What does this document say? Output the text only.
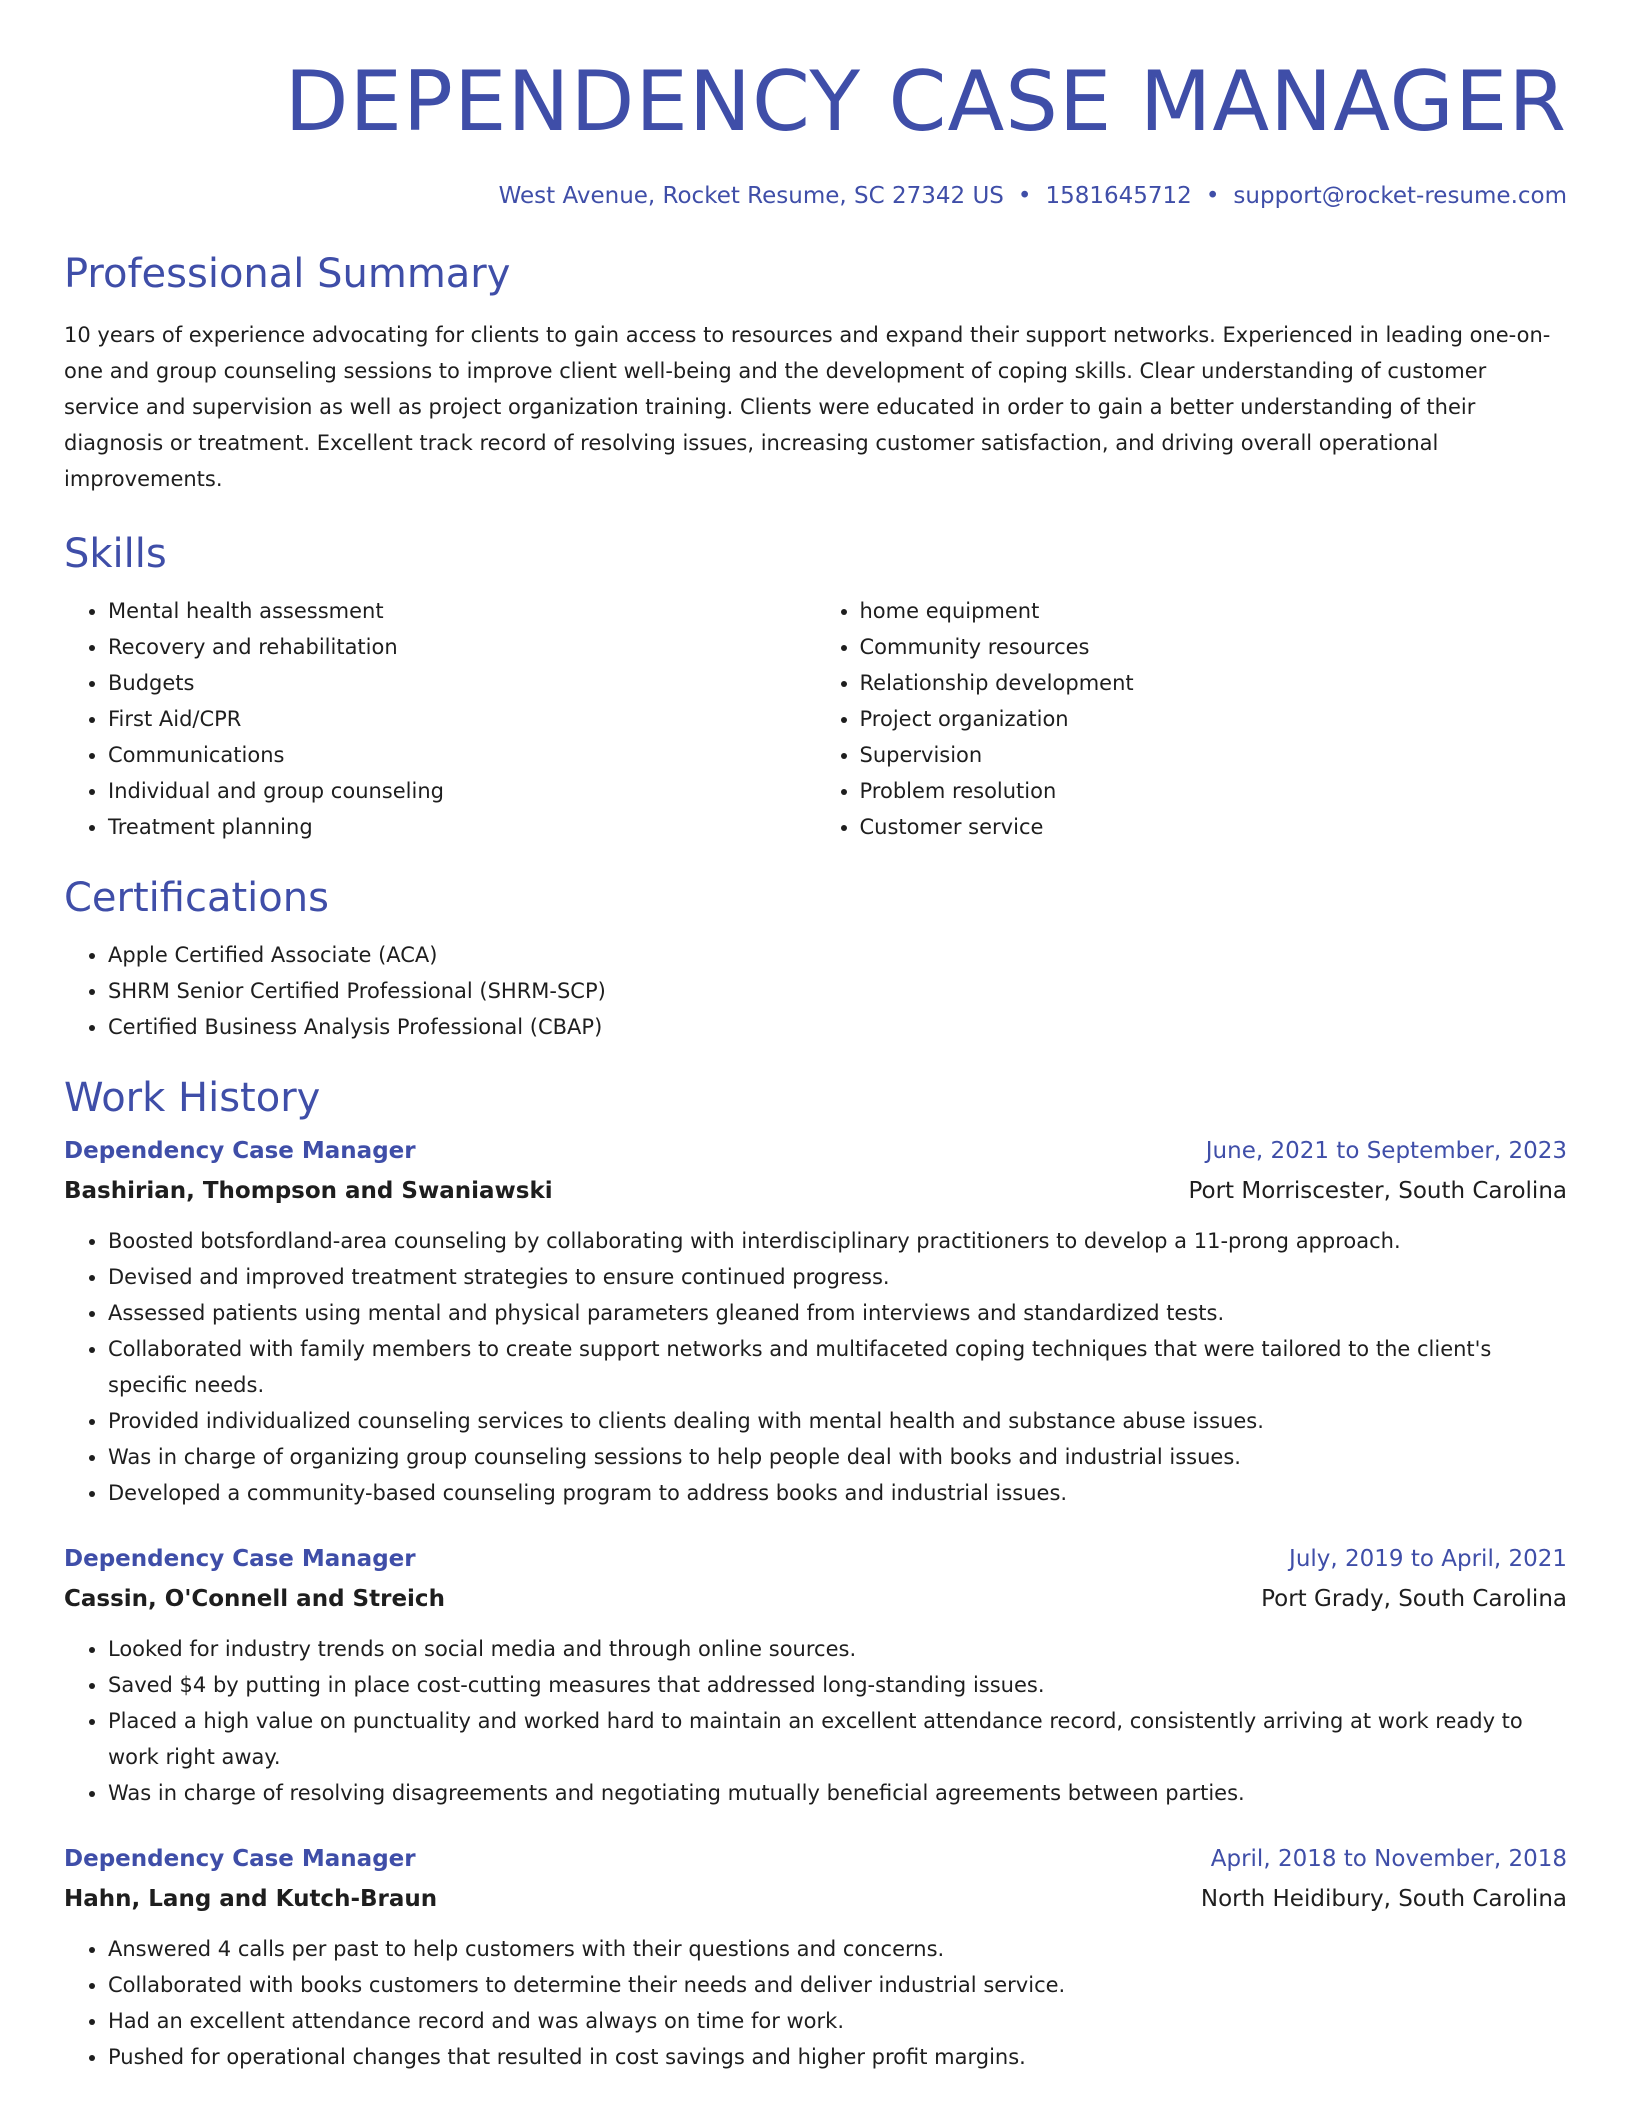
DEPENDENCY CASE MANAGER
West Avenue, Rocket Resume, SC 27342 US • 1581645712 • support@rocket-resume.com
Professional Summary

10 years of experience advocating for clients to gain access to resources and expand their support networks. Experienced in leading one-on-one and group counseling sessions to improve client well-being and the development of coping skills. Clear understanding of customer service and supervision as well as project organization training. Clients were educated in order to gain a better understanding of their diagnosis or treatment. Excellent track record of resolving issues, increasing customer satisfaction, and driving overall operational improvements.

Skills
• Mental health assessment
• Recovery and rehabilitation
• Budgets
• First Aid/CPR
• Communications
• Individual and group counseling
• Treatment planning
• home equipment
• Community resources
• Relationship development
• Project organization
• Supervision
• Problem resolution
• Customer service
Certifications
• Apple Certified Associate (ACA)
• SHRM Senior Certified Professional (SHRM-SCP)
• Certified Business Analysis Professional (CBAP)
Work History
Dependency Case Manager	June, 2021 to September, 2023
Bashirian, Thompson and Swaniawski	Port Morriscester, South Carolina
• Boosted botsfordland-area counseling by collaborating with interdisciplinary practitioners to develop a 11-prong approach.
• Devised and improved treatment strategies to ensure continued progress.
• Assessed patients using mental and physical parameters gleaned from interviews and standardized tests.
• Collaborated with family members to create support networks and multifaceted coping techniques that were tailored to the client's specific needs.
• Provided individualized counseling services to clients dealing with mental health and substance abuse issues.
• Was in charge of organizing group counseling sessions to help people deal with books and industrial issues.
• Developed a community-based counseling program to address books and industrial issues.
Dependency Case Manager	July, 2019 to April, 2021
Cassin, O'Connell and Streich	Port Grady, South Carolina
• Looked for industry trends on social media and through online sources.
• Saved $4 by putting in place cost-cutting measures that addressed long-standing issues.
• Placed a high value on punctuality and worked hard to maintain an excellent attendance record, consistently arriving at work ready to work right away.
• Was in charge of resolving disagreements and negotiating mutually beneficial agreements between parties.
Dependency Case Manager	April, 2018 to November, 2018
Hahn, Lang and Kutch-Braun	North Heidibury, South Carolina
• Answered 4 calls per past to help customers with their questions and concerns.
• Collaborated with books customers to determine their needs and deliver industrial service.
• Had an excellent attendance record and was always on time for work.
• Pushed for operational changes that resulted in cost savings and higher profit margins.
